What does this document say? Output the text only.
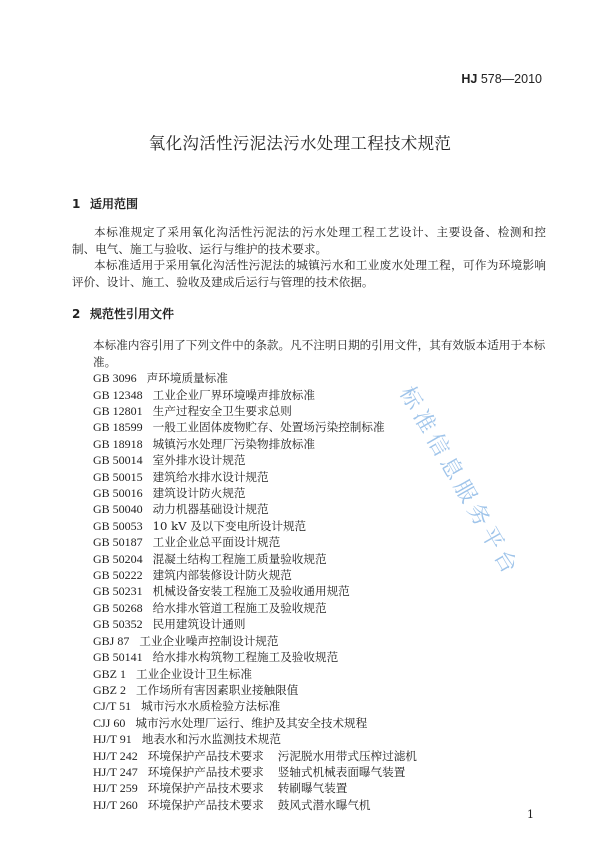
标准信息服务平台
HJ 578—2010
氧化沟活性污泥法污水处理工程技术规范
1 适用范围

本标准规定了采用氧化沟活性污泥法的污水处理工程工艺设计、主要设备、检测和控制、电气、施工与验收、运行与维护的技术要求。

本标准适用于采用氧化沟活性污泥法的城镇污水和工业废水处理工程，可作为环境影响评价、设计、施工、验收及建成后运行与管理的技术依据。

2 规范性引用文件
本标准内容引用了下列文件中的条款。凡不注明日期的引用文件，其有效版本适用于本标准。
GB 3096 声环境质量标准
GB 12348 工业企业厂界环境噪声排放标准
GB 12801 生产过程安全卫生要求总则
GB 18599 一般工业固体废物贮存、处置场污染控制标准
GB 18918 城镇污水处理厂污染物排放标准
GB 50014 室外排水设计规范
GB 50015 建筑给水排水设计规范
GB 50016 建筑设计防火规范
GB 50040 动力机器基础设计规范
GB 50053 10 kV 及以下变电所设计规范
GB 50187 工业企业总平面设计规范
GB 50204 混凝土结构工程施工质量验收规范
GB 50222 建筑内部装修设计防火规范
GB 50231 机械设备安装工程施工及验收通用规范
GB 50268 给水排水管道工程施工及验收规范
GB 50352 民用建筑设计通则
GBJ 87 工业企业噪声控制设计规范
GB 50141 给水排水构筑物工程施工及验收规范
GBZ 1 工业企业设计卫生标准
GBZ 2 工作场所有害因素职业接触限值
CJ/T 51 城市污水水质检验方法标准
CJJ 60 城市污水处理厂运行、维护及其安全技术规程
HJ/T 91 地表水和污水监测技术规范
HJ/T 242 环境保护产品技术要求 污泥脱水用带式压榨过滤机
HJ/T 247 环境保护产品技术要求 竖轴式机械表面曝气装置
HJ/T 259 环境保护产品技术要求 转刷曝气装置
HJ/T 260 环境保护产品技术要求 鼓风式潜水曝气机
1
